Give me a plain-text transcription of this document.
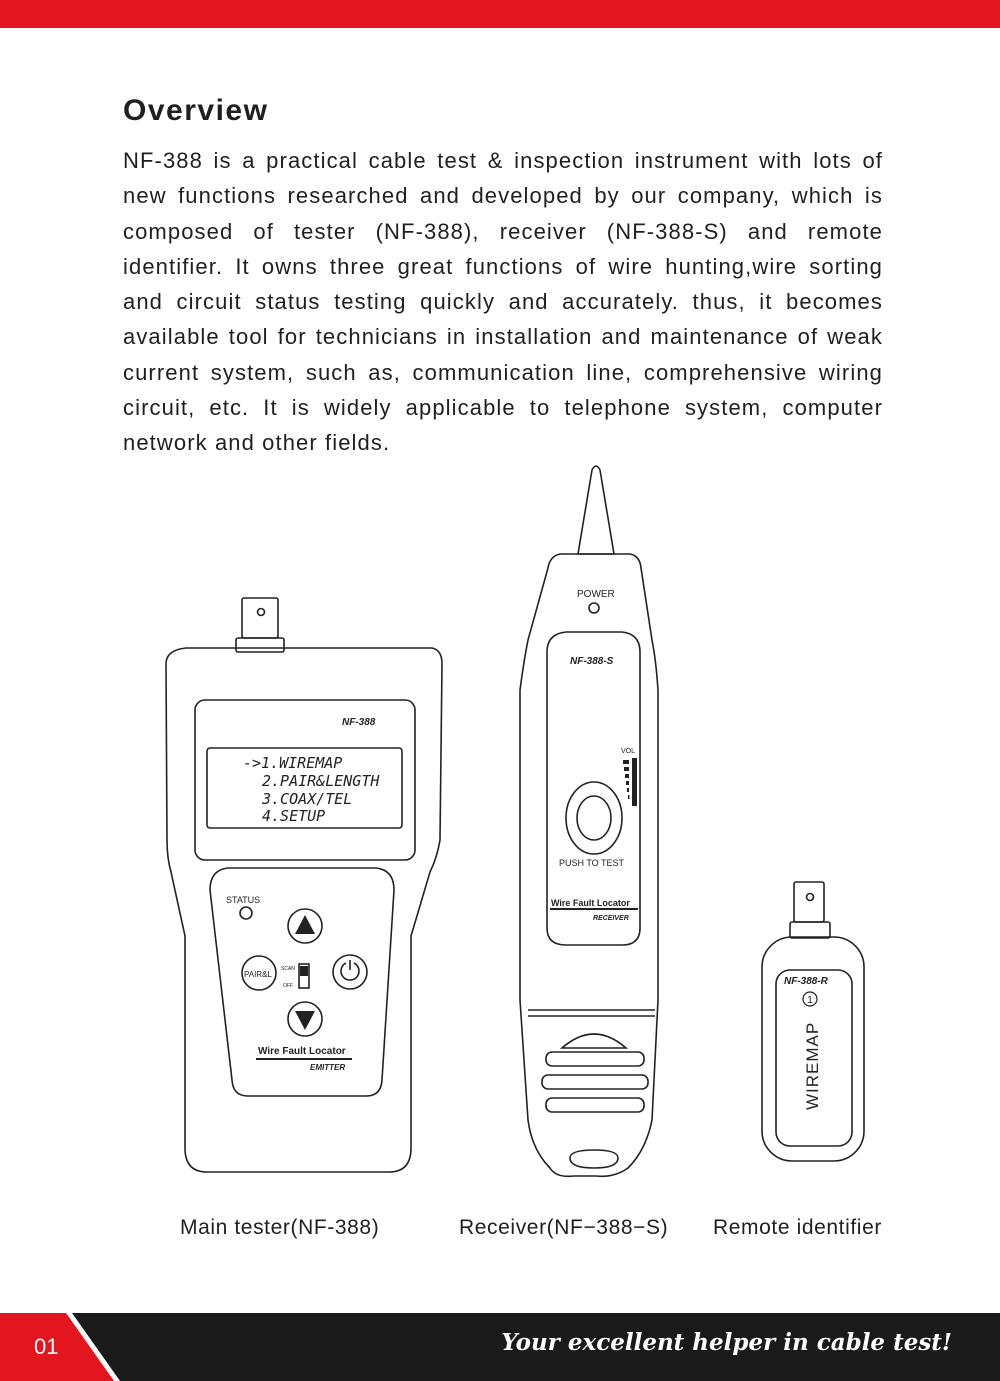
Overview

NF-388 is a practical cable test & inspection instrument with lots of new functions researched and developed by our company, which is composed of tester (NF-388), receiver (NF-388-S) and remote identifier. It owns three great functions of wire hunting,wire sorting and circuit status testing quickly and accurately. thus, it becomes available tool for technicians in installation and maintenance of weak current system, such as, communication line, comprehensive wiring circuit, etc. It is widely applicable to telephone system, computer network and other fields.

NF-388
->1.WIREMAP
2.PAIR&LENGTH
3.COAX/TEL
4.SETUP
STATUS
PAIR&L
SCAN
OFF
Wire Fault Locator
EMITTER
POWER
NF-388-S
VOL
PUSH TO TEST
Wire Fault Locator
RECEIVER
NF-388-R
1
WIREMAP
Main tester(NF-388)	Receiver(NF−388−S) Remote identifier
01	Your excellent helper in cable test!
